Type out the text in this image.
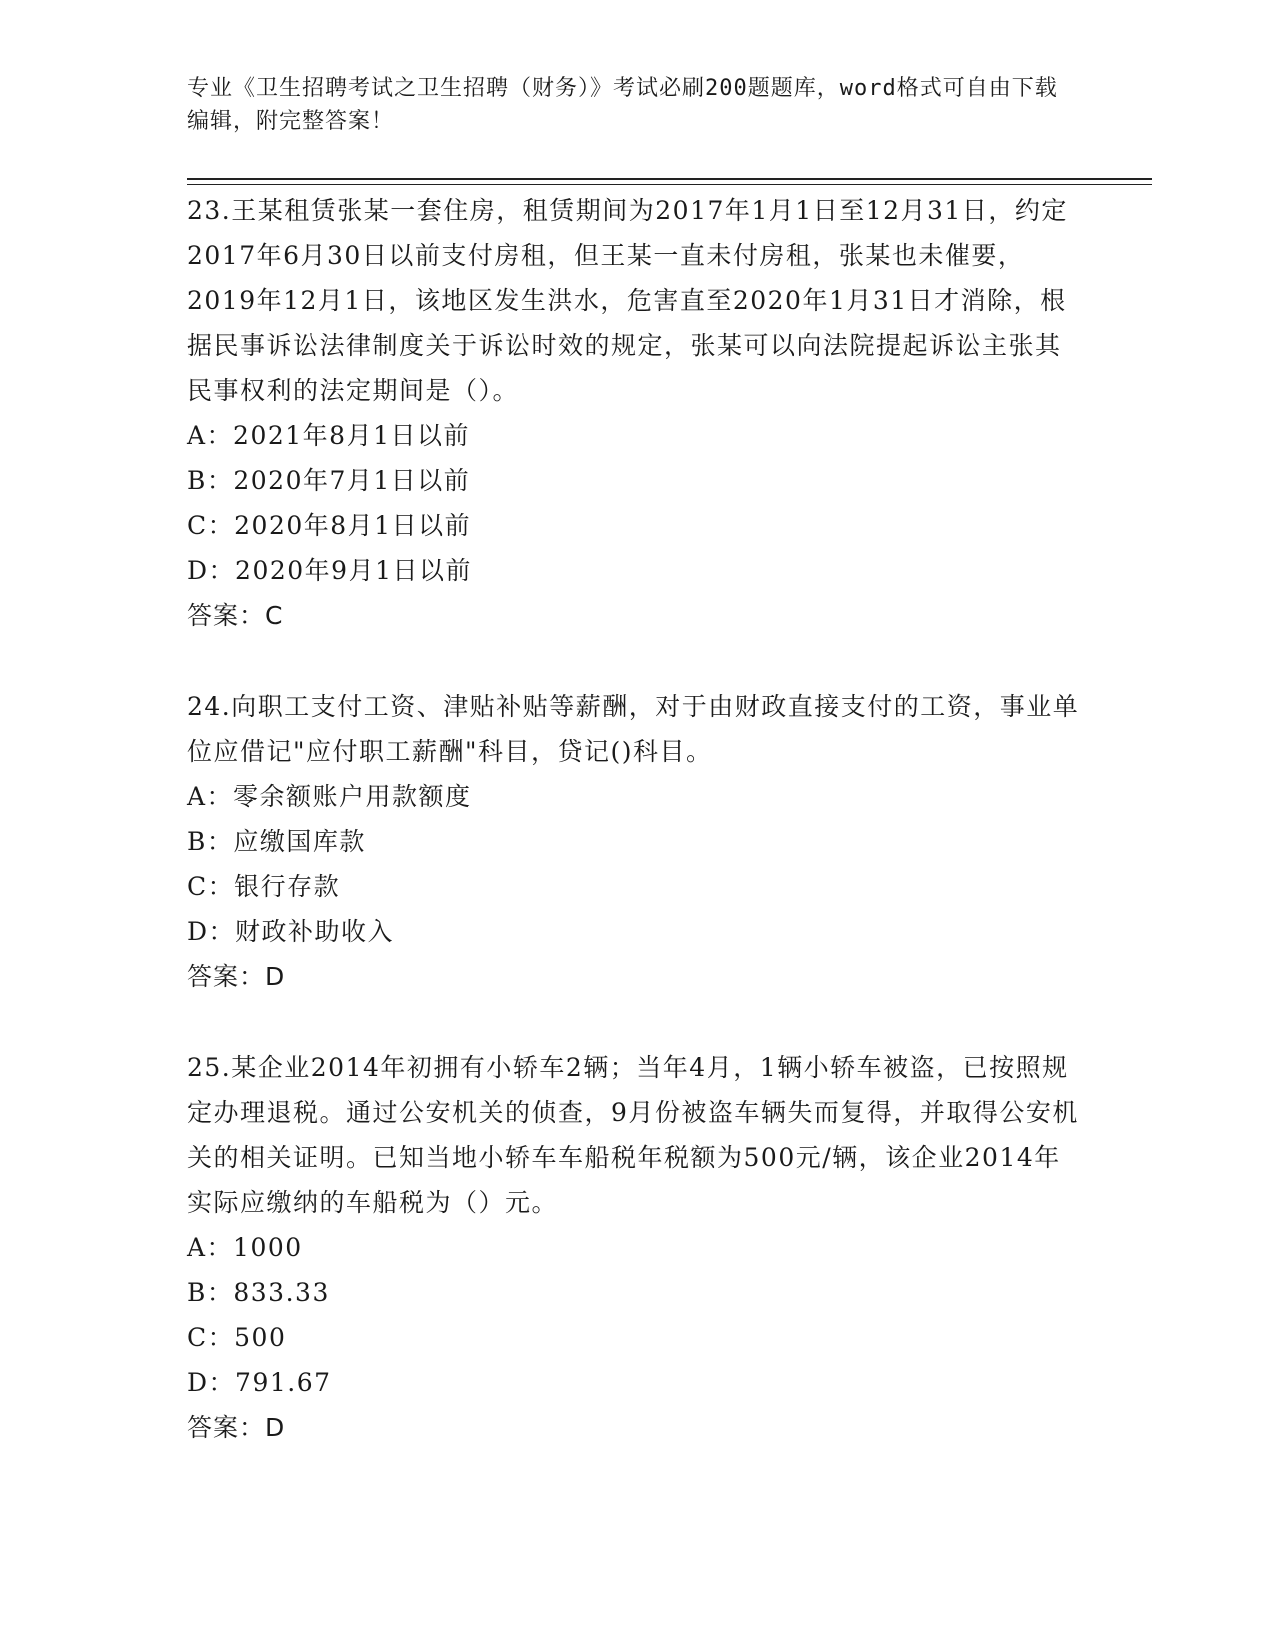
专业《卫生招聘考试之卫生招聘（财务）》考试必刷200题题库，word格式可自由下载编辑，附完整答案！

23.王某租赁张某一套住房，租赁期间为2017年1月1日至12月31日，约定2017年6月30日以前支付房租，但王某一直未付房租，张某也未催要，2019年12月1日，该地区发生洪水，危害直至2020年1月31日才消除，根据民事诉讼法律制度关于诉讼时效的规定，张某可以向法院提起诉讼主张其民事权利的法定期间是（）。

A：2021年8月1日以前

B：2020年7月1日以前

C：2020年8月1日以前

D：2020年9月1日以前

答案：C

24.向职工支付工资、津贴补贴等薪酬，对于由财政直接支付的工资，事业单位应借记"应付职工薪酬"科目，贷记()科目。

A：零余额账户用款额度

B：应缴国库款

C：银行存款

D：财政补助收入

答案：D

25.某企业2014年初拥有小轿车2辆；当年4月，1辆小轿车被盗，已按照规定办理退税。通过公安机关的侦查，9月份被盗车辆失而复得，并取得公安机关的相关证明。已知当地小轿车车船税年税额为500元/辆，该企业2014年实际应缴纳的车船税为（）元。

A：1000

B：833.33

C：500

D：791.67

答案：D
